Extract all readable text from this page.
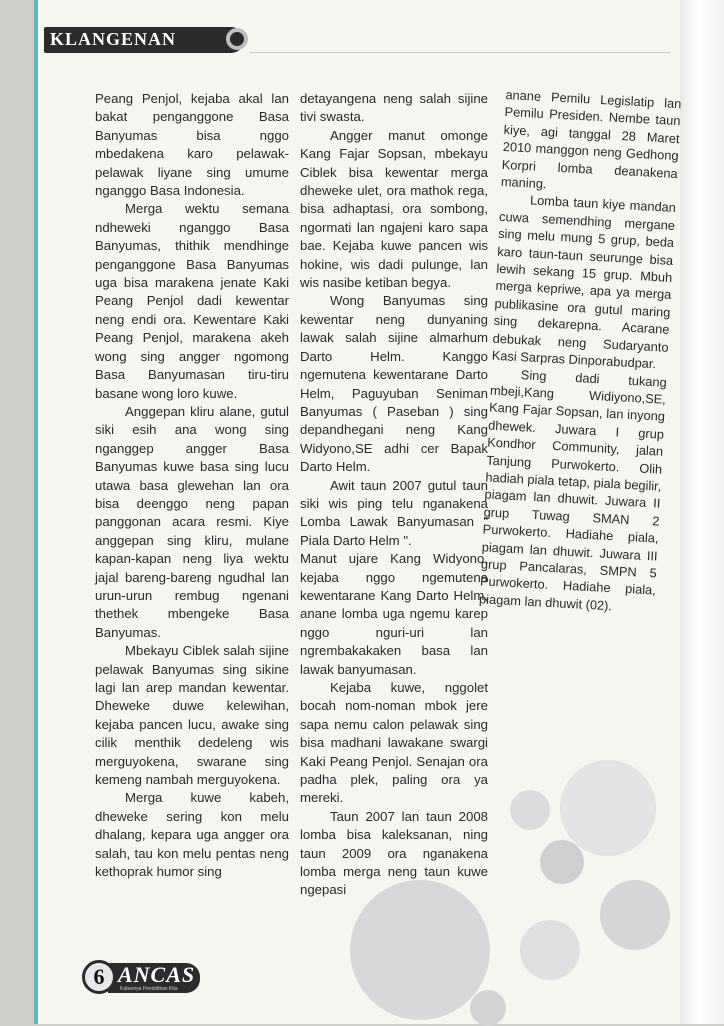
KLANGENAN

Peang Penjol, kejaba akal lan bakat penganggone Basa Banyumas bisa nggo mbedakena karo pelawak-pelawak liyane sing umume nganggo Basa Indonesia.

Merga wektu semana ndheweki nganggo Basa Banyumas, thithik mendhinge penganggone Basa Banyumas uga bisa marakena jenate Kaki Peang Penjol dadi kewentar neng endi ora. Kewentare Kaki Peang Penjol, marakena akeh wong sing angger ngomong Basa Banyumasan tiru-tiru basane wong loro kuwe.

Anggepan kliru alane, gutul siki esih ana wong sing nganggep angger Basa Banyumas kuwe basa sing lucu utawa basa glewehan lan ora bisa deenggo neng papan panggonan acara resmi. Kiye anggepan sing kliru, mulane kapan-kapan neng liya wektu jajal bareng-bareng ngudhal lan urun-urun rembug ngenani thethek mbengeke Basa Banyumas.

Mbekayu Ciblek salah sijine pelawak Banyumas sing sikine lagi lan arep mandan kewentar. Dheweke duwe kelewihan, kejaba pancen lucu, awake sing cilik menthik dedeleng wis merguyokena, swarane sing kemeng nambah merguyokena.

Merga kuwe kabeh, dheweke sering kon melu dhalang, kepara uga angger ora salah, tau kon melu pentas neng kethoprak humor sing

detayangena neng salah sijine tivi swasta.

Angger manut omonge Kang Fajar Sopsan, mbekayu Ciblek bisa kewentar merga dheweke ulet, ora mathok rega, bisa adhaptasi, ora sombong, ngormati lan ngajeni karo sapa bae. Kejaba kuwe pancen wis hokine, wis dadi pulunge, lan wis nasibe ketiban begya.

Wong Banyumas sing kewentar neng dunyaning lawak salah sijine almarhum Darto Helm. Kanggo ngemutena kewentarane Darto Helm, Paguyuban Seniman Banyumas ( Paseban ) sing depandhegani neng Kang Widyono,SE adhi cer Bapak Darto Helm.

Awit taun 2007 gutul taun siki wis ping telu nganakena Lomba Lawak Banyumasan " Piala Darto Helm ".

Manut ujare Kang Widyono, kejaba nggo ngemutena kewentarane Kang Darto Helm, anane lomba uga ngemu karep nggo nguri-uri lan ngrembakakaken basa lan lawak banyumasan.

Kejaba kuwe, nggolet bocah nom-noman mbok jere sapa nemu calon pelawak sing bisa madhani lawakane swargi Kaki Peang Penjol. Senajan ora padha plek, paling ora ya mereki.

Taun 2007 lan taun 2008 lomba bisa kaleksanan, ning taun 2009 ora nganakena lomba merga neng taun kuwe ngepasi

anane Pemilu Legislatip lan Pemilu Presiden. Nembe taun kiye, agi tanggal 28 Maret 2010 manggon neng Gedhong Korpri lomba deanakena maning.

Lomba taun kiye mandan cuwa semendhing mergane sing melu mung 5 grup, beda karo taun-taun seurunge bisa lewih sekang 15 grup. Mbuh merga kepriwe, apa ya merga publikasine ora gutul maring sing dekarepna. Acarane debukak neng Sudaryanto Kasi Sarpras Dinporabudpar.

Sing dadi tukang mbeji,Kang Widiyono,SE, Kang Fajar Sopsan, lan inyong dhewek. Juwara I grup Kondhor Community, jalan Tanjung Purwokerto. Olih hadiah piala tetap, piala begilir, piagam lan dhuwit. Juwara II grup Tuwag SMAN 2 Purwokerto. Hadiahe piala, piagam lan dhuwit. Juwara III grup Pancalaras, SMPN 5 Purwokerto. Hadiahe piala, piagam lan dhuwit (02).

6 ANCAS
Kabarnya Pendidikan Kita
